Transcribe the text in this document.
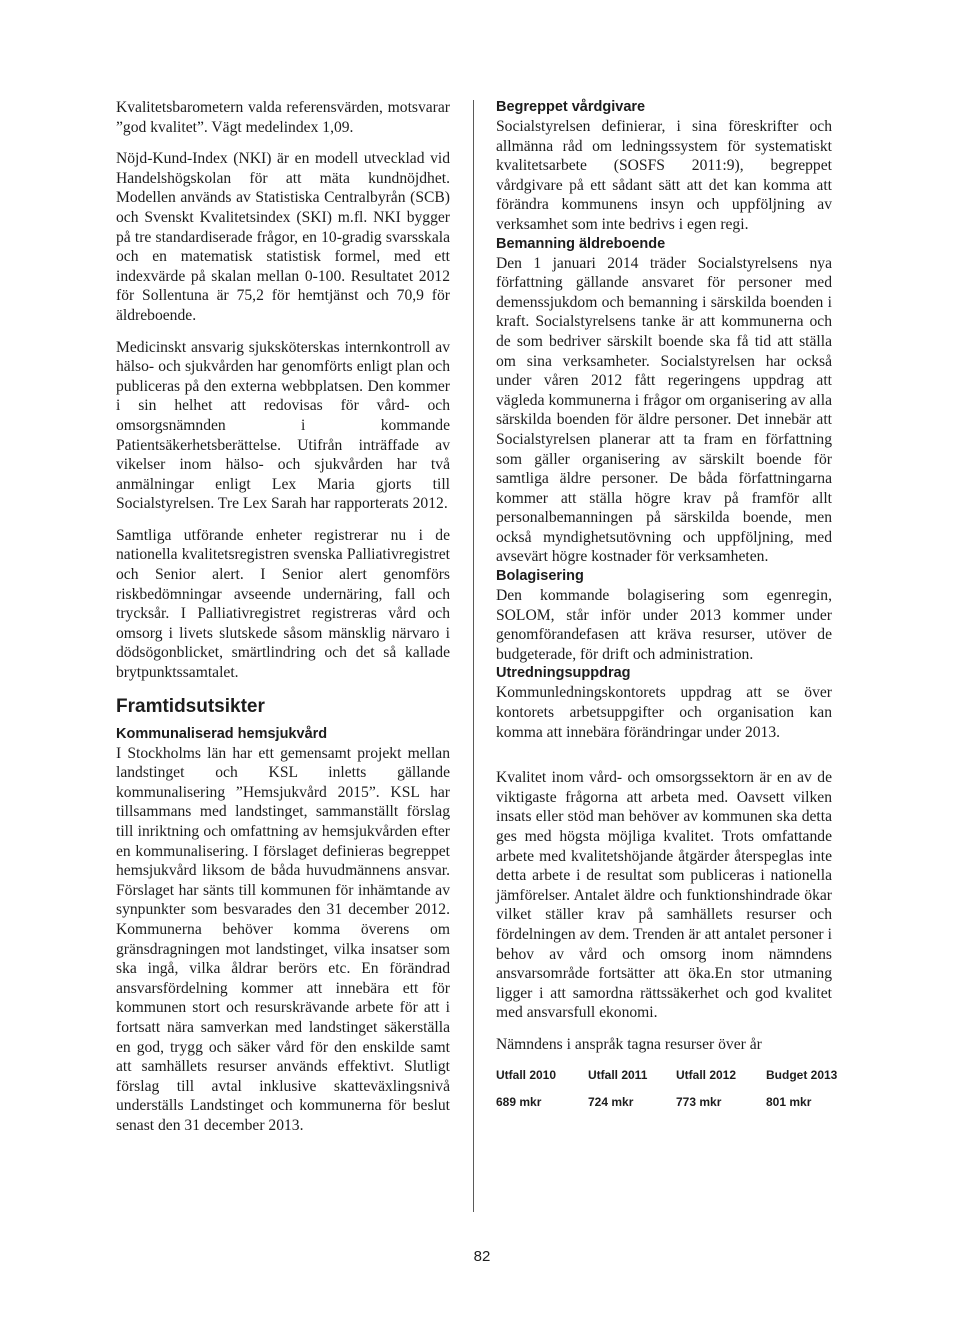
Kvalitetsbarometern valda referensvärden, motsvarar ”god kvalitet”. Vägt medelindex 1,09.

Nöjd-Kund-Index (NKI) är en modell utvecklad vid Handelshögskolan för att mäta kundnöjdhet. Modellen används av Statistiska Centralbyrån (SCB) och Svenskt Kvalitetsindex (SKI) m.fl. NKI bygger på tre standardiserade frågor, en 10-gradig svarsskala och en matematisk statistisk formel, med ett indexvärde på skalan mellan 0-100. Resultatet 2012 för Sollentuna är 75,2 för hemtjänst och 70,9 för äldreboende.

Medicinskt ansvarig sjuksköterskas internkontroll av hälso- och sjukvården har genomförts enligt plan och publiceras på den externa webbplatsen. Den kommer i sin helhet att redovisas för vård- och omsorgsnämnden i kommande Patientsäkerhetsberättelse. Utifrån inträffade av vikelser inom hälso- och sjukvården har två anmälningar enligt Lex Maria gjorts till Socialstyrelsen. Tre Lex Sarah har rapporterats 2012.

Samtliga utförande enheter registrerar nu i de nationella kvalitetsregistren svenska Palliativregistret och Senior alert. I Senior alert genomförs riskbedömningar avseende undernäring, fall och trycksår. I Palliativregistret registreras vård och omsorg i livets slutskede såsom mänsklig närvaro i dödsögonblicket, smärtlindring och det så kallade brytpunktssamtalet.

Framtidsutsikter
Kommunaliserad hemsjukvård

I Stockholms län har ett gemensamt projekt mellan landstinget och KSL inletts gällande kommunalisering ”Hemsjukvård 2015”. KSL har tillsammans med landstinget, sammanställt förslag till inriktning och omfattning av hemsjukvården efter en kommunalisering. I förslaget definieras begreppet hemsjukvård liksom de båda huvudmännens ansvar. Förslaget har sänts till kommunen för inhämtande av synpunkter som besvarades den 31 december 2012. Kommunerna behöver komma överens om gränsdragningen mot landstinget, vilka insatser som ska ingå, vilka åldrar berörs etc. En förändrad ansvarsfördelning kommer att innebära ett för kommunen stort och resurskrävande arbete för att i fortsatt nära samverkan med landstinget säkerställa en god, trygg och säker vård för den enskilde samt att samhällets resurser används effektivt. Slutligt förslag till avtal inklusive skatteväxlingsnivå underställs Landstinget och kommunerna för beslut senast den 31 december 2013.

Begreppet vårdgivare

Socialstyrelsen definierar, i sina föreskrifter och allmänna råd om ledningssystem för systematiskt kvalitetsarbete (SOSFS 2011:9), begreppet vårdgivare på ett sådant sätt att det kan komma att förändra kommunens insyn och uppföljning av verksamhet som inte bedrivs i egen regi.

Bemanning äldreboende

Den 1 januari 2014 träder Socialstyrelsens nya författning gällande ansvaret för personer med demenssjukdom och bemanning i särskilda boenden i kraft. Socialstyrelsens tanke är att kommunerna och de som bedriver särskilt boende ska få tid att ställa om sina verksamheter. Socialstyrelsen har också under våren 2012 fått regeringens uppdrag att vägleda kommunerna i frågor om organisering av alla särskilda boenden för äldre personer. Det innebär att Socialstyrelsen planerar att ta fram en författning som gäller organisering av särskilt boende för samtliga äldre personer. De båda författningarna kommer att ställa högre krav på framför allt personalbemanningen på särskilda boende, men också myndighetsutövning och uppföljning, med avsevärt högre kostnader för verksamheten.

Bolagisering

Den kommande bolagisering som egenregin, SOLOM, står inför under 2013 kommer under genomförandefasen att kräva resurser, utöver de budgeterade, för drift och administration.

Utredningsuppdrag

Kommunledningskontorets uppdrag att se över kontorets arbetsuppgifter och organisation kan komma att innebära förändringar under 2013.

Kvalitet inom vård- och omsorgssektorn är en av de viktigaste frågorna att arbeta med. Oavsett vilken insats eller stöd man behöver av kommunen ska detta ges med högsta möjliga kvalitet. Trots omfattande arbete med kvalitetshöjande åtgärder återspeglas inte detta arbete i de resultat som publiceras i nationella jämförelser. Antalet äldre och funktionshindrade ökar vilket ställer krav på samhällets resurser och fördelningen av dem. Trenden är att antalet personer i behov av vård och omsorg inom nämndens ansvarsområde fortsätter att öka.En stor utmaning ligger i att samordna rättssäkerhet och god kvalitet med ansvarsfull ekonomi.

Nämndens i anspråk tagna resurser över år

Utfall 2010	Utfall 2011	Utfall 2012	Budget 2013
689 mkr	724 mkr	773 mkr	801 mkr
82
